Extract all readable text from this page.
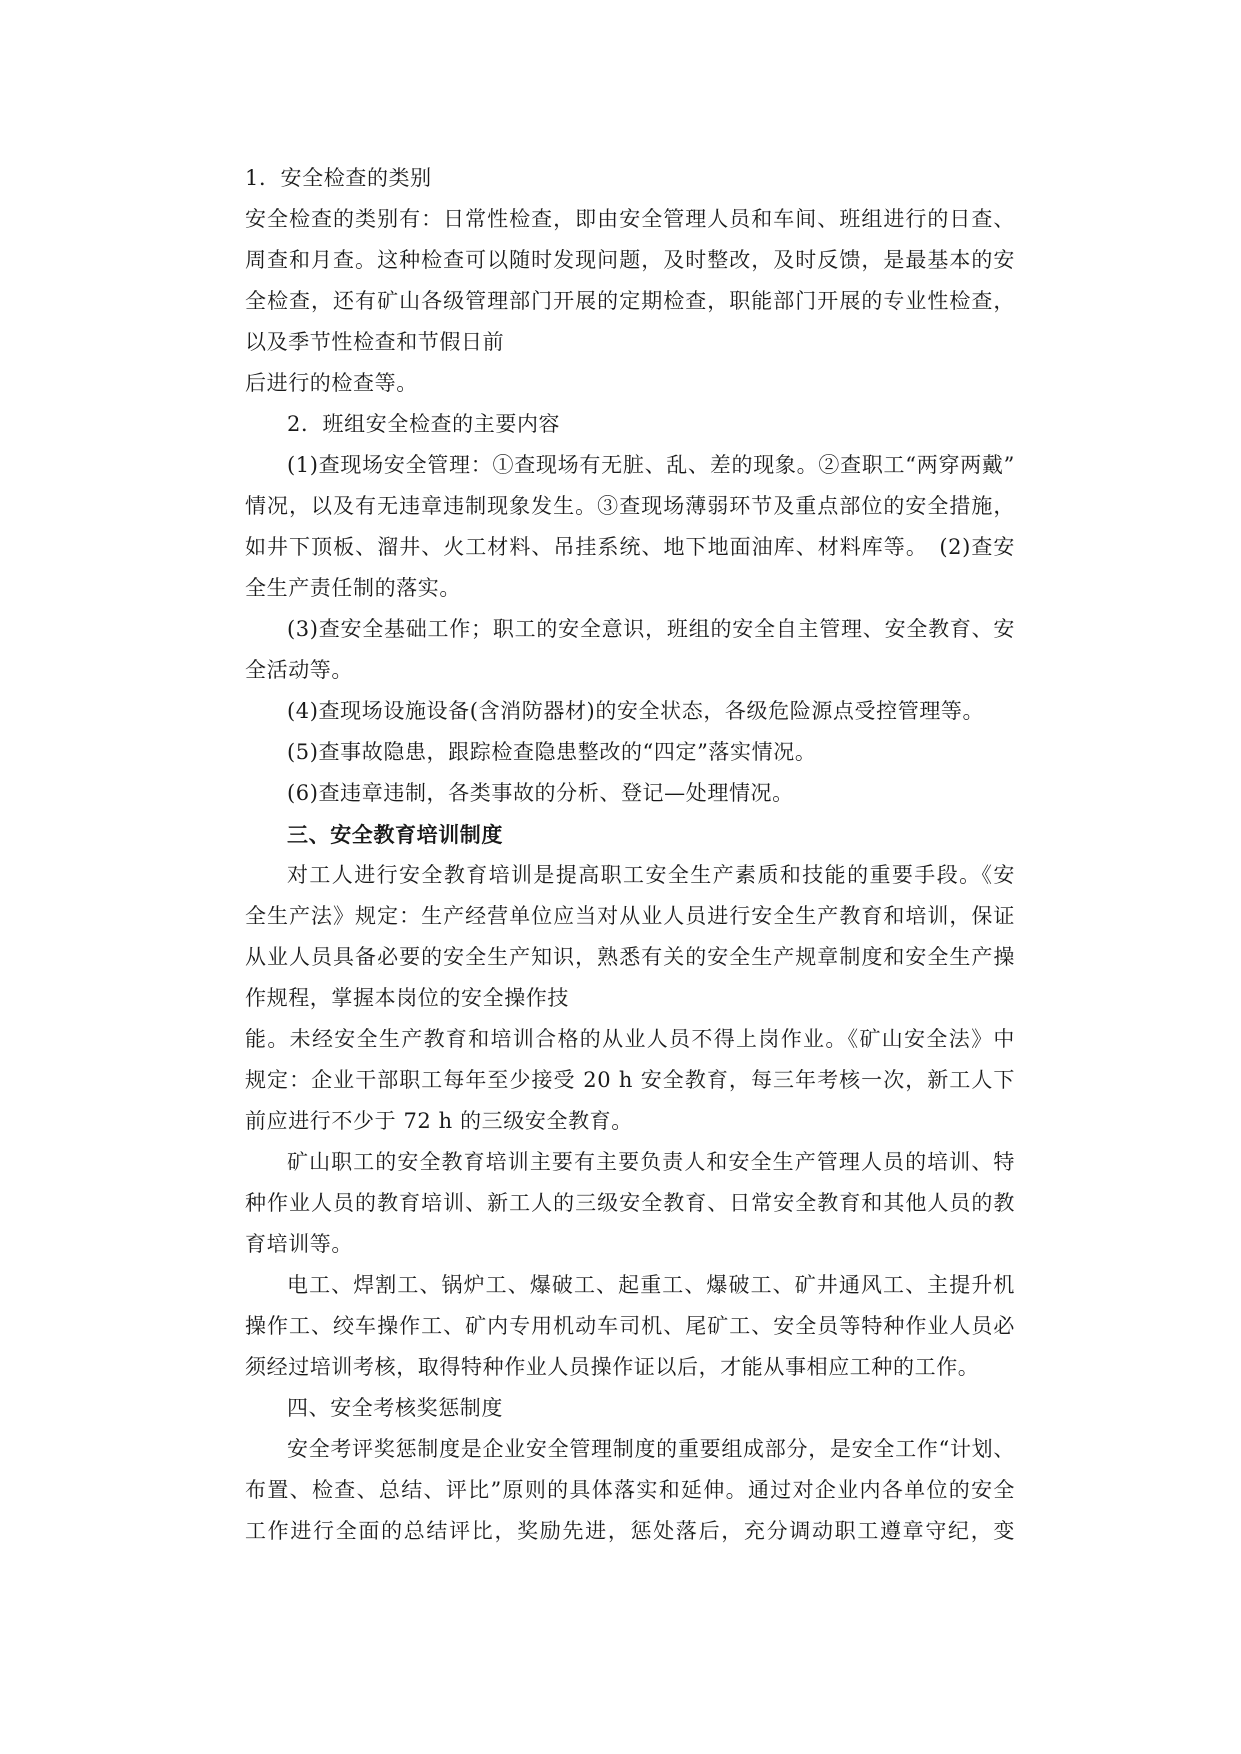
1．安全检查的类别
安全检查的类别有：日常性检查，即由安全管理人员和车间、班组进行的日查、
周查和月查。这种检查可以随时发现问题，及时整改，及时反馈，是最基本的安
全检查，还有矿山各级管理部门开展的定期检查，职能部门开展的专业性检查，
以及季节性检查和节假日前
后进行的检查等。
2．班组安全检查的主要内容
(1)查现场安全管理：①查现场有无脏、乱、差的现象。②查职工“两穿两戴”
情况，以及有无违章违制现象发生。③查现场薄弱环节及重点部位的安全措施，
如井下顶板、溜井、火工材料、吊挂系统、地下地面油库、材料库等。　(2)查安
全生产责任制的落实。
(3)查安全基础工作；职工的安全意识，班组的安全自主管理、安全教育、安
全活动等。
(4)查现场设施设备(含消防器材)的安全状态，各级危险源点受控管理等。
(5)查事故隐患，跟踪检查隐患整改的“四定”落实情况。
(6)查违章违制，各类事故的分析、登记—处理情况。
三、安全教育培训制度
对工人进行安全教育培训是提高职工安全生产素质和技能的重要手段。《安
全生产法》规定：生产经营单位应当对从业人员进行安全生产教育和培训，保证
从业人员具备必要的安全生产知识，熟悉有关的安全生产规章制度和安全生产操
作规程，掌握本岗位的安全操作技
能。未经安全生产教育和培训合格的从业人员不得上岗作业。《矿山安全法》中
规定：企业干部职工每年至少接受 20 h 安全教育，每三年考核一次，新工人下
前应进行不少于 72 h 的三级安全教育。
矿山职工的安全教育培训主要有主要负责人和安全生产管理人员的培训、特
种作业人员的教育培训、新工人的三级安全教育、日常安全教育和其他人员的教
育培训等。
电工、焊割工、锅炉工、爆破工、起重工、爆破工、矿井通风工、主提升机
操作工、绞车操作工、矿内专用机动车司机、尾矿工、安全员等特种作业人员必
须经过培训考核，取得特种作业人员操作证以后，才能从事相应工种的工作。
四、安全考核奖惩制度
安全考评奖惩制度是企业安全管理制度的重要组成部分，是安全工作“计划、
布置、检查、总结、评比”原则的具体落实和延伸。通过对企业内各单位的安全
工作进行全面的总结评比，奖励先进，惩处落后，充分调动职工遵章守纪，变
